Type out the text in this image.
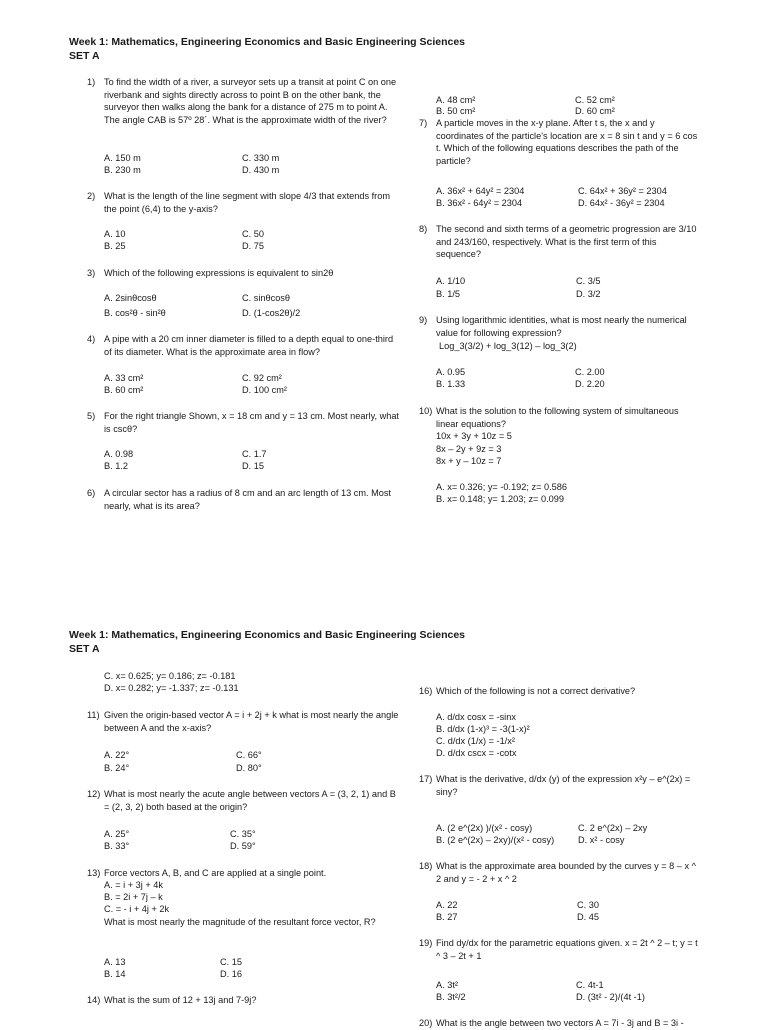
Week 1: Mathematics, Engineering Economics and Basic Engineering Sciences
SET A
1) To find the width of a river, a surveyor sets up a transit at point C on one riverbank and sights directly across to point B on the other bank, the surveyor then walks along the bank for a distance of 275 m to point A. The angle CAB is 57º 28´. What is the approximate width of the river?
A. 150 m
B. 230 m
C. 330 m
D. 430 m
2) What is the length of the line segment with slope 4/3 that extends from the point (6,4) to the y-axis?
A. 10
B. 25
C. 50
D. 75
3) Which of the following expressions is equivalent to sin2θ
A. 2sinθcosθ
B. cos²θ - sin²θ
C. sinθcosθ
D. (1-cos2θ)/2
4) A pipe with a 20 cm inner diameter is filled to a depth equal to one-third of its diameter. What is the approximate area in flow?
A. 33 cm²
B. 60 cm²
C. 92 cm²
D. 100 cm²
5) For the right triangle Shown, x = 18 cm and y = 13 cm. Most nearly, what is cscθ?
A. 0.98
B. 1.2
C. 1.7
D. 15
6) A circular sector has a radius of 8 cm and an arc length of 13 cm. Most nearly, what is its area?
A. 48 cm²
B. 50 cm²
C. 52 cm²
D. 60 cm²
7) A particle moves in the x-y plane. After t s, the x and y coordinates of the particle's location are x = 8 sin t and y = 6 cos t. Which of the following equations describes the path of the particle?
A. 36x² + 64y² = 2304
B. 36x² - 64y² = 2304
C. 64x² + 36y² = 2304
D. 64x² - 36y² = 2304
8) The second and sixth terms of a geometric progression are 3/10 and 243/160, respectively. What is the first term of this sequence?
A. 1/10
B. 1/5
C. 3/5
D. 3/2
9) Using logarithmic identities, what is most nearly the numerical value for following expression?
Log_3(3/2) + log_3(12) – log_3(2)
A. 0.95
B. 1.33
C. 2.00
D. 2.20
10) What is the solution to the following system of simultaneous linear equations?
10x + 3y + 10z = 5
8x – 2y + 9z = 3
8x + y – 10z = 7
A. x= 0.326; y= -0.192; z= 0.586
B. x= 0.148; y= 1.203; z= 0.099
Week 1: Mathematics, Engineering Economics and Basic Engineering Sciences
SET A
C. x= 0.625; y= 0.186; z= -0.181
D. x= 0.282; y= -1.337; z= -0.131
11) Given the origin-based vector A = i + 2j + k what is most nearly the angle between A and the x-axis?
A. 22°
B. 24°
C. 66°
D. 80°
12) What is most nearly the acute angle between vectors A = (3, 2, 1) and B = (2, 3, 2) both based at the origin?
A. 25°
B. 33°
C. 35°
D. 59°
13) Force vectors A, B, and C are applied at a single point.
A. = i + 3j + 4k
B. = 2i + 7j – k
C. = - i + 4j + 2k
What is most nearly the magnitude of the resultant force vector, R?
A. 13
B. 14
C. 15
D. 16
14) What is the sum of 12 + 13j and 7-9j?
16) Which of the following is not a correct derivative?
A. d/dx cosx = -sinx
B. d/dx (1-x)³ = -3(1-x)²
C. d/dx (1/x) = -1/x²
D. d/dx cscx = -cotx
17) What is the derivative, d/dx (y) of the expression x²y – e^(2x) = siny?
A. (2 e^(2x) )/(x² - cosy)
B. (2 e^(2x) – 2xy)/(x² - cosy)
C. 2 e^(2x) – 2xy
D. x² - cosy
18) What is the approximate area bounded by the curves y = 8 – x ^ 2 and y = - 2 + x ^ 2
A. 22
B. 27
C. 30
D. 45
19) Find dy/dx for the parametric equations given. x = 2t ^ 2 – t; y = t ^ 3 – 2t + 1
A. 3t²
B. 3t²/2
C. 4t-1
D. (3t² - 2)/(4t -1)
20) What is the angle between two vectors A = 7i - 3j and B = 3i -
